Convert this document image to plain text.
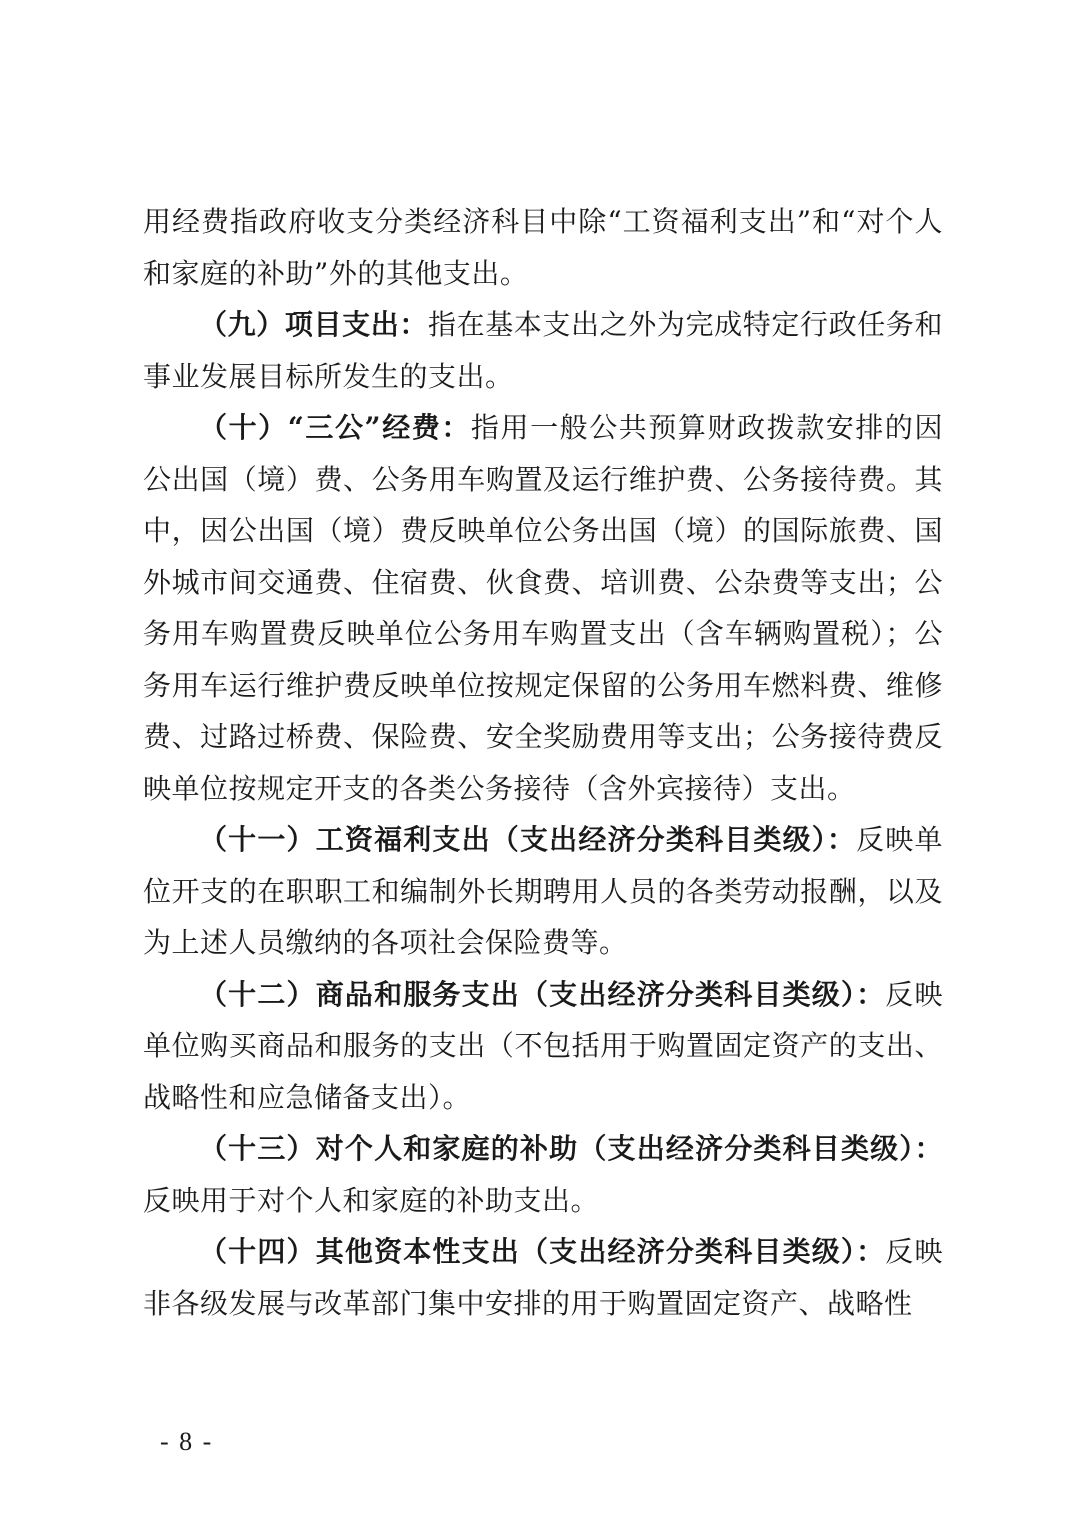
用经费指政府收支分类经济科目中除“工资福利支出”和“对个人和家庭的补助”外的其他支出。

（九）项目支出：指在基本支出之外为完成特定行政任务和事业发展目标所发生的支出。

（十）“三公”经费：指用一般公共预算财政拨款安排的因公出国（境）费、公务用车购置及运行维护费、公务接待费。其中，因公出国（境）费反映单位公务出国（境）的国际旅费、国外城市间交通费、住宿费、伙食费、培训费、公杂费等支出；公务用车购置费反映单位公务用车购置支出（含车辆购置税）；公务用车运行维护费反映单位按规定保留的公务用车燃料费、维修费、过路过桥费、保险费、安全奖励费用等支出；公务接待费反映单位按规定开支的各类公务接待（含外宾接待）支出。

（十一）工资福利支出（支出经济分类科目类级）：反映单位开支的在职职工和编制外长期聘用人员的各类劳动报酬，以及为上述人员缴纳的各项社会保险费等。

（十二）商品和服务支出（支出经济分类科目类级）：反映单位购买商品和服务的支出（不包括用于购置固定资产的支出、战略性和应急储备支出）。

（十三）对个人和家庭的补助（支出经济分类科目类级）：反映用于对个人和家庭的补助支出。

（十四）其他资本性支出（支出经济分类科目类级）：反映非各级发展与改革部门集中安排的用于购置固定资产、战略性

- 8 -
